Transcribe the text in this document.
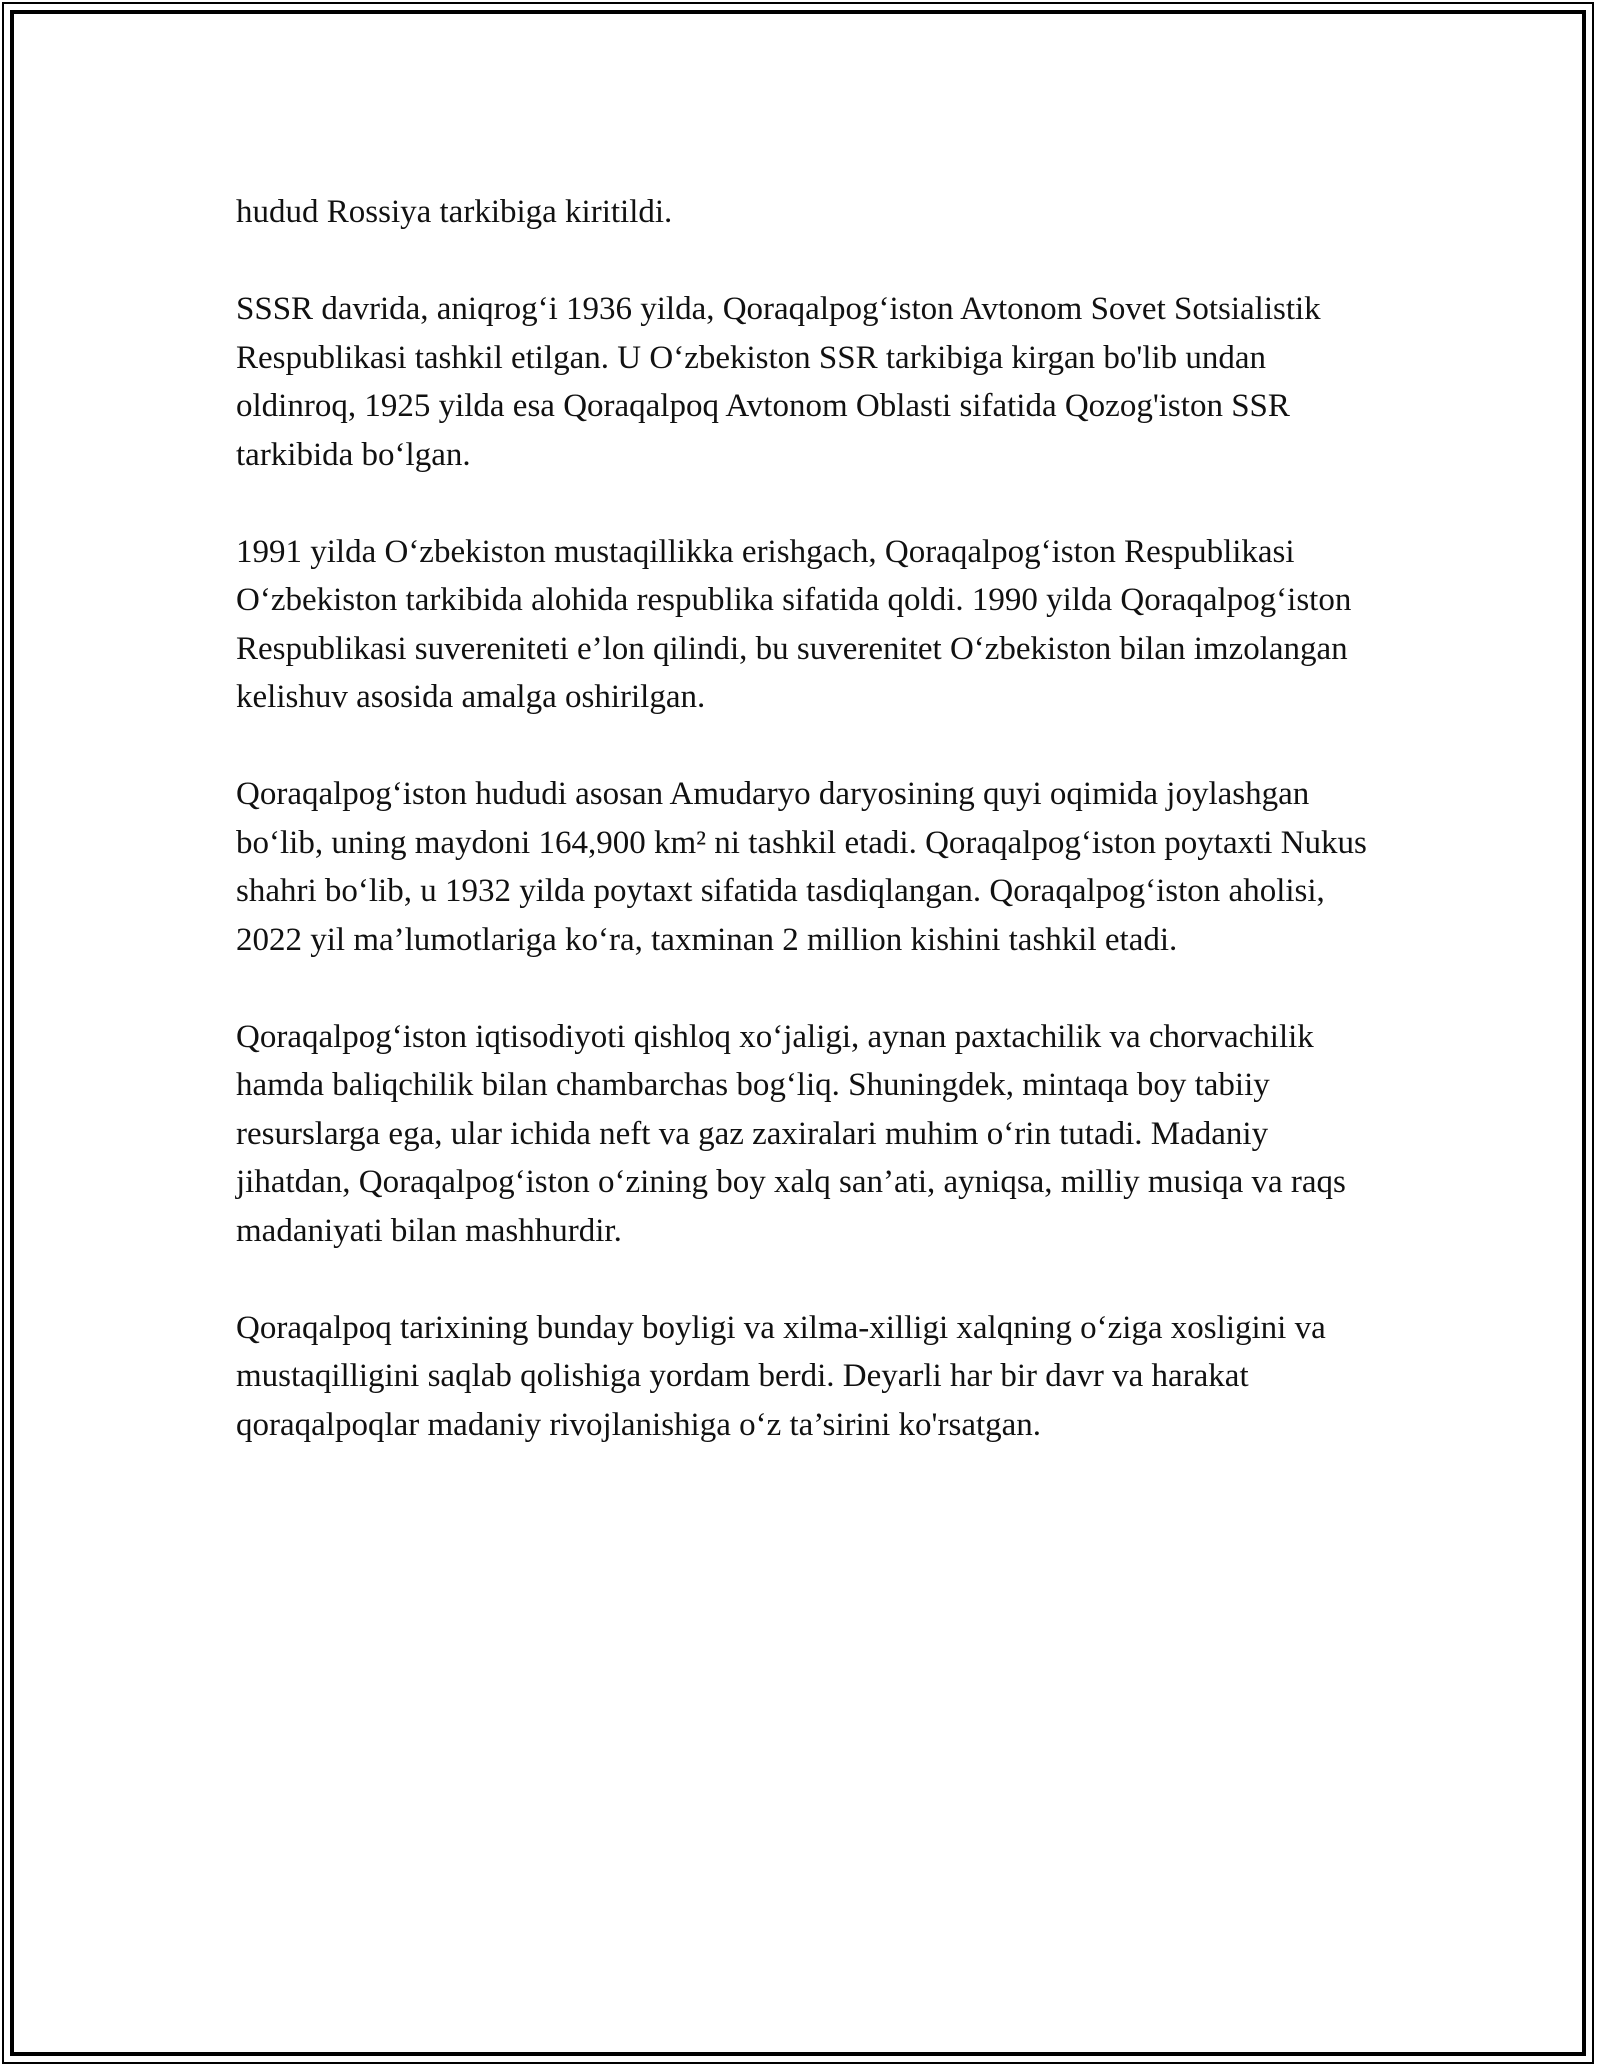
hudud Rossiya tarkibiga kiritildi.

SSSR davrida, aniqrog‘i 1936 yilda, Qoraqalpog‘iston Avtonom Sovet Sotsialistik Respublikasi tashkil etilgan. U O‘zbekiston SSR tarkibiga kirgan bo'lib undan oldinroq, 1925 yilda esa Qoraqalpoq Avtonom Oblasti sifatida Qozog'iston SSR tarkibida bo‘lgan.

1991 yilda O‘zbekiston mustaqillikka erishgach, Qoraqalpog‘iston Respublikasi O‘zbekiston tarkibida alohida respublika sifatida qoldi. 1990 yilda Qoraqalpog‘iston Respublikasi suvereniteti e’lon qilindi, bu suverenitet O‘zbekiston bilan imzolangan kelishuv asosida amalga oshirilgan.

Qoraqalpog‘iston hududi asosan Amudaryo daryosining quyi oqimida joylashgan bo‘lib, uning maydoni 164,900 km² ni tashkil etadi. Qoraqalpog‘iston poytaxti Nukus shahri bo‘lib, u 1932 yilda poytaxt sifatida tasdiqlangan. Qoraqalpog‘iston aholisi, 2022 yil ma’lumotlariga ko‘ra, taxminan 2 million kishini tashkil etadi.

Qoraqalpog‘iston iqtisodiyoti qishloq xo‘jaligi, aynan paxtachilik va chorvachilik hamda baliqchilik bilan chambarchas bog‘liq. Shuningdek, mintaqa boy tabiiy resurslarga ega, ular ichida neft va gaz zaxiralari muhim o‘rin tutadi. Madaniy jihatdan, Qoraqalpog‘iston o‘zining boy xalq san’ati, ayniqsa, milliy musiqa va raqs madaniyati bilan mashhurdir.

Qoraqalpoq tarixining bunday boyligi va xilma-xilligi xalqning o‘ziga xosligini va mustaqilligini saqlab qolishiga yordam berdi. Deyarli har bir davr va harakat qoraqalpoqlar madaniy rivojlanishiga o‘z ta’sirini ko'rsatgan.
